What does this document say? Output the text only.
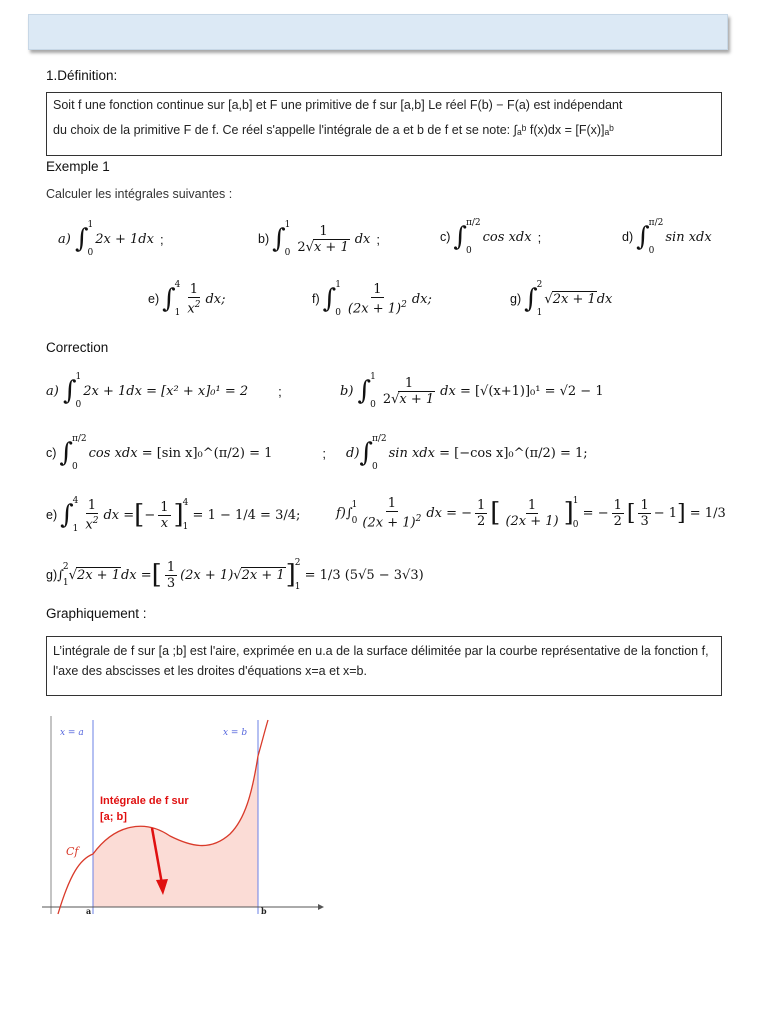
1.Définition:
Soit f une fonction continue sur [a,b] et F une primitive de f sur [a,b] Le réel F(b) − F(a) est indépendant
du choix de la primitive F de f. Ce réel s'appelle l'intégrale de a et b de f et se note: ∫ₐᵇ f(x)dx = [F(x)]ₐᵇ
Exemple 1
Calculer les intégrales suivantes :
a)
∫ 1
0
2x + 1dx ;	b) ∫ 1
$0 \frac{1}{2√x + 1}$ dx ;	c) ∫ π/2
0
cos xdx ;	d) ∫ π/2
0
sin xdx
e) ∫ 4
$1 \frac{1}{x^2}$ dx;	f) ∫ 1
$0 \frac{1}{(2x + 1)^2}$ dx;	g) ∫ 2
1
√2x + 1 dx
Correction
a) ∫ 1
0
2x + 1dx = [x² + x]₀¹ = 2 ;	b) ∫ 1
$0 \frac{1}{2√x + 1}$ dx = [√(x+1)]₀¹ = √2 − 1
c) ∫ π/2
0
cos xdx = [sin x]₀^(π/2) = 1	; d) ∫ π/2
0
sin xdx = [−cos x]₀^(π/2) = 1;
e) ∫ 4
$1 \frac{1}{x^2}$ dx = [ − $\frac{1}{x}$ ] 4
1

= 1 − 1/4 = 3/4;	f)∫
1
$0 \frac{1}{(2x + 1)^2}$ dx = − $\frac{1}{2}$ [ $\frac{1}{(2x + 1)}$ ] 1
0
= − $\frac{1}{2}$ [ $\frac{1}{3} - 1$ ]
= 1/3
g) ∫
2
1
√2x + 1 dx = [ $\frac{1}{3} (2x + 1)$ √ 2x + 1 ] 2
1

= 1/3 (5√5 − 3√3)
Graphiquement :
L’intégrale de f sur [a ;b] est l'aire, exprimée en u.a de la surface délimitée par la courbe représentative de la fonction f, l'axe des abscisses et les droites d'équations x=a et x=b.
x = a	x = b
a	b
Cf
Intégrale de f sur
[a; b]
